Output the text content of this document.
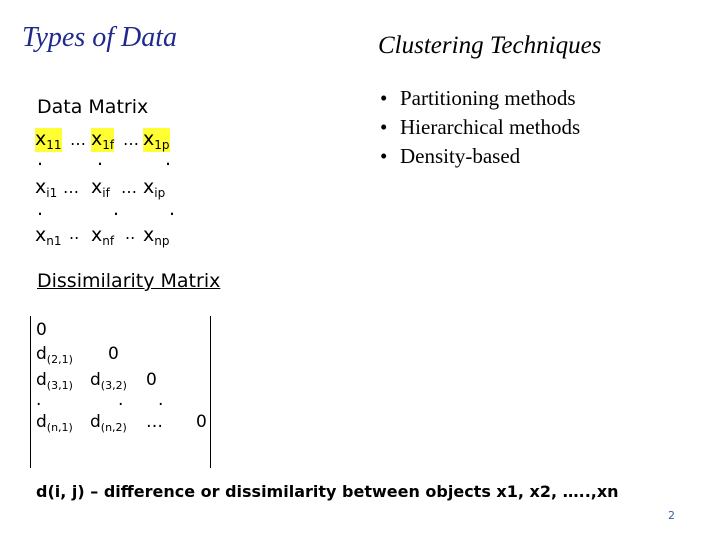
Types of Data	Clustering Techniques
• Partitioning methods
• Hierarchical methods
• Density-based
Data Matrix
$x_{11}$ … $x_{1f}$ … $x_{1p}$
.	.	.
$x_{i1}$ … $x_{if}$ … $x_{ip}$
.	.	.
$x_{n1}$ .. $x_{nf}$ .. $x_{np}$
Dissimilarity Matrix
0
$d_{(2,1)}$ 0
$d_{(3,1)}$ $d_{(3,2)}$ 0
.	. .
$d_{(n,1)}$ $d_{(n,2)}$ … 0
d(i, j) – difference or dissimilarity between objects x1, x2, …..,xn
2
